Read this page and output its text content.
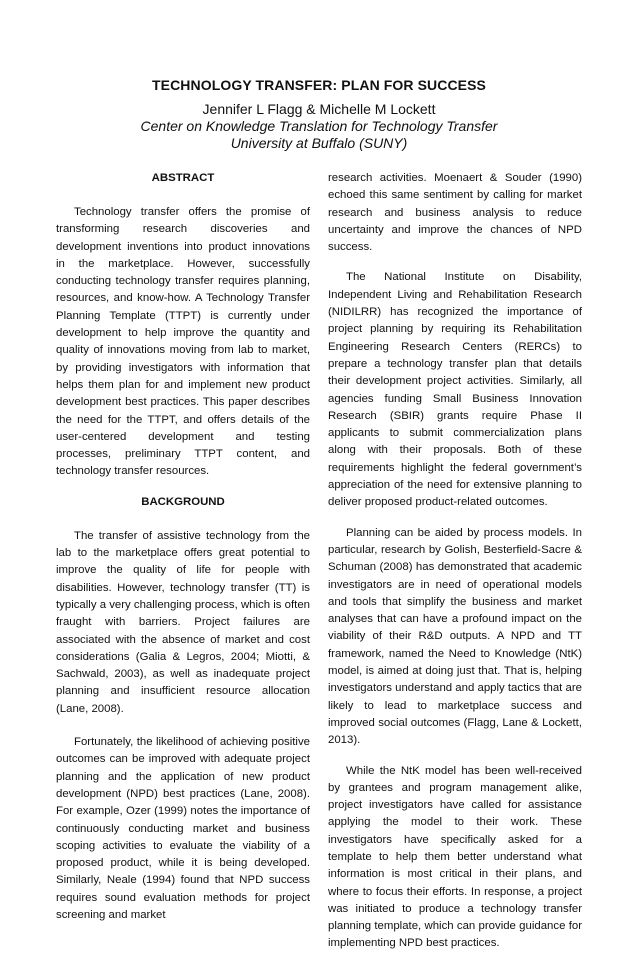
TECHNOLOGY TRANSFER: PLAN FOR SUCCESS
Jennifer L Flagg & Michelle M Lockett
Center on Knowledge Translation for Technology Transfer
University at Buffalo (SUNY)
ABSTRACT

Technology transfer offers the promise of transforming research discoveries and development inventions into product innovations in the marketplace. However, successfully conducting technology transfer requires planning, resources, and know-how. A Technology Transfer Planning Template (TTPT) is currently under development to help improve the quantity and quality of innovations moving from lab to market, by providing investigators with information that helps them plan for and implement new product development best practices. This paper describes the need for the TTPT, and offers details of the user-centered development and testing processes, preliminary TTPT content, and technology transfer resources.

BACKGROUND

The transfer of assistive technology from the lab to the marketplace offers great potential to improve the quality of life for people with disabilities. However, technology transfer (TT) is typically a very challenging process, which is often fraught with barriers. Project failures are associated with the absence of market and cost considerations (Galia & Legros, 2004; Miotti, & Sachwald, 2003), as well as inadequate project planning and insufficient resource allocation (Lane, 2008).

Fortunately, the likelihood of achieving positive outcomes can be improved with adequate project planning and the application of new product development (NPD) best practices (Lane, 2008). For example, Ozer (1999) notes the importance of continuously conducting market and business scoping activities to evaluate the viability of a proposed product, while it is being developed. Similarly, Neale (1994) found that NPD success requires sound evaluation methods for project screening and market

research activities. Moenaert & Souder (1990) echoed this same sentiment by calling for market research and business analysis to reduce uncertainty and improve the chances of NPD success.

The National Institute on Disability, Independent Living and Rehabilitation Research (NIDILRR) has recognized the importance of project planning by requiring its Rehabilitation Engineering Research Centers (RERCs) to prepare a technology transfer plan that details their development project activities. Similarly, all agencies funding Small Business Innovation Research (SBIR) grants require Phase II applicants to submit commercialization plans along with their proposals. Both of these requirements highlight the federal government’s appreciation of the need for extensive planning to deliver proposed product-related outcomes.

Planning can be aided by process models. In particular, research by Golish, Besterfield-Sacre & Schuman (2008) has demonstrated that academic investigators are in need of operational models and tools that simplify the business and market analyses that can have a profound impact on the viability of their R&D outputs. A NPD and TT framework, named the Need to Knowledge (NtK) model, is aimed at doing just that. That is, helping investigators understand and apply tactics that are likely to lead to marketplace success and improved social outcomes (Flagg, Lane & Lockett, 2013).

While the NtK model has been well-received by grantees and program management alike, project investigators have called for assistance applying the model to their work. These investigators have specifically asked for a template to help them better understand what information is most critical in their plans, and where to focus their efforts. In response, a project was initiated to produce a technology transfer planning template, which can provide guidance for implementing NPD best practices.
